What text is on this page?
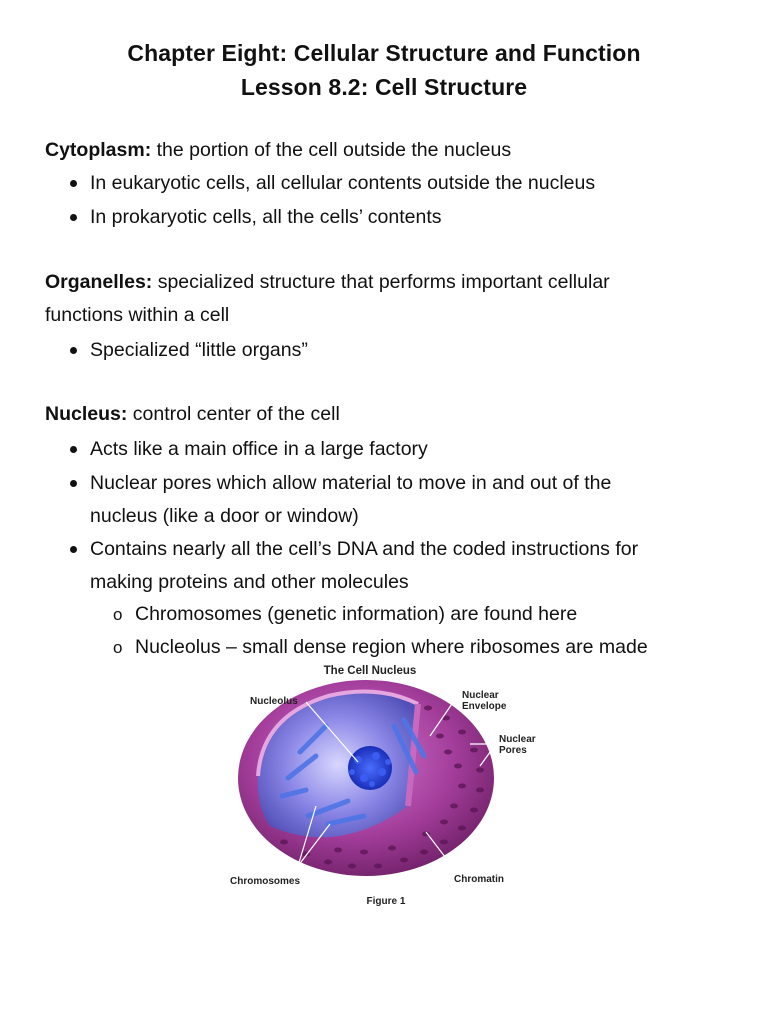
Chapter Eight: Cellular Structure and Function
Lesson 8.2: Cell Structure
Cytoplasm: the portion of the cell outside the nucleus
In eukaryotic cells, all cellular contents outside the nucleus
In prokaryotic cells, all the cells’ contents
Organelles: specialized structure that performs important cellular
functions within a cell
Specialized “little organs”
Nucleus: control center of the cell
Acts like a main office in a large factory
Nuclear pores which allow material to move in and out of the
nucleus (like a door or window)
Contains nearly all the cell’s DNA and the coded instructions for
making proteins and other molecules
o Chromosomes (genetic information) are found here
o Nucleolus – small dense region where ribosomes are made
The Cell Nucleus
Nucleolus
Nuclear
Envelope
Nuclear
Pores
Chromosomes	Chromatin
Figure 1
